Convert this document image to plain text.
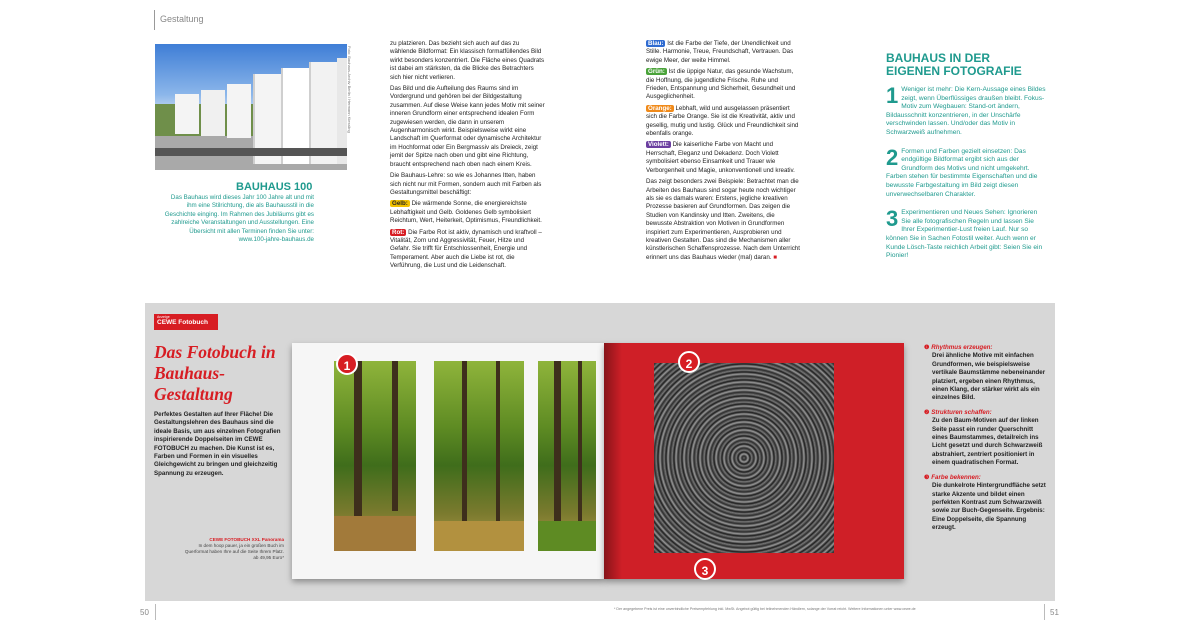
Gestaltung
Foto: Bauhaus-Archiv Berlin / Hermann Kiessling
BAUHAUS 100
Das Bauhaus wird dieses Jahr 100 Jahre alt und mit ihm eine Stilrichtung, die als Bauhausstil in die Geschichte einging. Im Rahmen des Jubiläums gibt es zahlreiche Veranstaltungen und Ausstellungen. Eine Übersicht mit allen Terminen finden Sie unter: www.100-jahre-bauhaus.de

zu platzieren. Das bezieht sich auch auf das zu wählende Bildformat: Ein klassisch formatfüllendes Bild wirkt besonders konzentriert. Die Fläche eines Quadrats ist dabei am stärksten, da die Blicke des Betrachters sich hier nicht verlieren.

Das Bild und die Aufteilung des Raums sind im Vordergrund und gehören bei der Bildgestaltung zusammen. Auf diese Weise kann jedes Motiv mit seiner inneren Grundform einer entsprechend idealen Form zugewiesen werden, die dann in unserem Augenharmonisch wirkt. Beispielsweise wirkt eine Landschaft im Querformat oder dynamische Architektur im Hochformat oder Ein Bergmassiv als Dreieck, zeigt jemit der Spitze nach oben und gibt eine Richtung, braucht entsprechend nach oben nach einem Kreis.

Die Bauhaus-Lehre: so wie es Johannes Itten, haben sich nicht nur mit Formen, sondern auch mit Farben als Gestaltungsmittel beschäftigt:

Gelb: Die wärmende Sonne, die energiereichste Lebhaftigkeit und Gelb. Goldenes Gelb symbolisiert Reichtum, Wert, Heiterkeit, Optimismus, Freundlichkeit.

Rot: Die Farbe Rot ist aktiv, dynamisch und kraftvoll – Vitalität, Zorn und Aggressivität, Feuer, Hitze und Gefahr. Sie trifft für Entschlossenheit, Energie und Temperament. Aber auch die Liebe ist rot, die Verführung, die Lust und die Leidenschaft.

Blau: Ist die Farbe der Tiefe, der Unendlichkeit und Stille. Harmonie, Treue, Freundschaft, Vertrauen. Das ewige Meer, der weite Himmel.

Grün: Ist die üppige Natur, das gesunde Wachstum, die Hoffnung, die jugendliche Frische. Ruhe und Frieden, Entspannung und Sicherheit, Gesundheit und Ausgeglichenheit.

Orange: Lebhaft, wild und ausgelassen präsentiert sich die Farbe Orange. Sie ist die Kreativität, aktiv und gesellig, mutig und lustig. Glück und Freundlichkeit sind ebenfalls orange.

Violett: Die kaiserliche Farbe von Macht und Herrschaft, Eleganz und Dekadenz. Doch Violett symbolisiert ebenso Einsamkeit und Trauer wie Verborgenheit und Magie, unkonventionell und kreativ.

Das zeigt besonders zwei Beispiele: Betrachtet man die Arbeiten des Bauhaus sind sogar heute noch wichtiger als sie es damals waren: Erstens, jegliche kreativen Prozesse basieren auf Grundformen. Das zeigen die Studien von Kandinsky und Itten. Zweitens, die bewusste Abstraktion von Motiven in Grundformen inspiriert zum Experimentieren, Ausprobieren und kreativen Gestalten. Das sind die Mechanismen aller künstlerischen Schaffensprozesse. Nach dem Unterricht erinnert uns das Bauhaus wieder (mal) daran. ■

BAUHAUS IN DER EIGENEN FOTOGRAFIE
1 Weniger ist mehr: Die Kern-Aussage eines Bildes zeigt, wenn Überflüssiges draußen bleibt. Fokus-Motiv zum Wegbauen: Stand-ort ändern, Bildausschnitt konzentrieren, in der Unschärfe verschwinden lassen. Und/oder das Motiv in Schwarzweiß aufnehmen.
2 Formen und Farben gezielt einsetzen: Das endgültige Bildformat ergibt sich aus der Grundform des Motivs und nicht umgekehrt. Farben stehen für bestimmte Eigenschaften und die bewusste Farbgestaltung im Bild zeigt diesen unverwechselbaren Charakter.
3 Experimentieren und Neues Sehen: Ignorieren Sie alle fotografischen Regeln und lassen Sie Ihrer Experimentier-Lust freien Lauf. Nur so können Sie in Sachen Fotostil weiter. Auch wenn er Kunde Lösch-Taste reichlich Arbeit gibt: Seien Sie ein Pionier!
Anzeige
CEWE Fotobuch
Das Fotobuch in Bauhaus-Gestaltung
Perfektes Gestalten auf Ihrer Fläche! Die Gestaltungslehren des Bauhaus sind die ideale Basis, um aus einzelnen Fotografien inspirierende Doppelseiten im CEWE FOTOBUCH zu machen. Die Kunst ist es, Farben und Formen in ein visuelles Gleichgewicht zu bringen und gleichzeitig Spannung zu erzeugen.
CEWE FOTOBUCH XXL Panorama
In dem hoop pauer, ja ein großen Buch im Querformat haben Ihre auf die Seite Ihrem Platz.
ab 49,95 Euro*
1	2
3
❶ Rhythmus erzeugen:
Drei ähnliche Motive mit einfachen Grundformen, wie beispielsweise vertikale Baumstämme nebeneinander platziert, ergeben einen Rhythmus, einen Klang, der stärker wirkt als ein einzelnes Bild.
❷ Strukturen schaffen:
Zu den Baum-Motiven auf der linken Seite passt ein runder Querschnitt eines Baumstammes, detailreich ins Licht gesetzt und durch Schwarzweiß abstrahiert, zentriert positioniert in einem quadratischen Format.
❸ Farbe bekennen:
Die dunkelrote Hintergrundfläche setzt starke Akzente und bildet einen perfekten Kontrast zum Schwarzweiß sowie zur Buch-Gegenseite. Ergebnis: Eine Doppelseite, die Spannung erzeugt.
50	* Der angegebene Preis ist eine unverbindliche Preisempfehlung inkl. MwSt. Angebot gültig bei teilnehmenden Händlern, solange der Vorrat reicht. Weitere Informationen unter www.cewe.de	51
